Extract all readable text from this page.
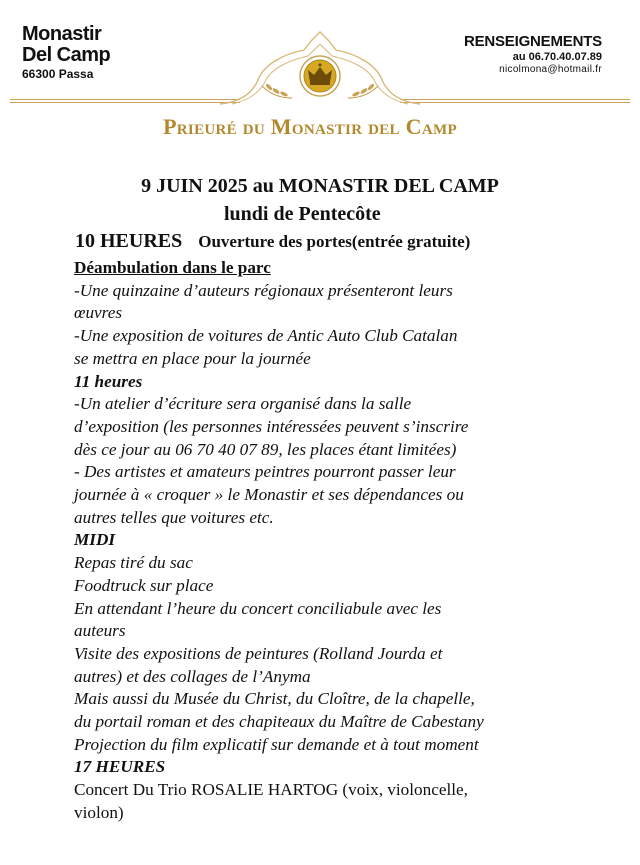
Monastir
Del Camp
66300 Passa
RENSEIGNEMENTS
au 06.70.40.07.89
nicolmona@hotmail.fr
Prieuré du Monastir del Camp
9 JUIN 2025 au MONASTIR DEL CAMP
lundi de Pentecôte
10 HEURES Ouverture des portes(entrée gratuite)
Déambulation dans le parc
-Une quinzaine d’auteurs régionaux présenteront leurs
œuvres
-Une exposition de voitures de Antic Auto Club Catalan
se mettra en place pour la journée
11 heures
-Un atelier d’écriture sera organisé dans la salle
d’exposition (les personnes intéressées peuvent s’inscrire
dès ce jour au 06 70 40 07 89, les places étant limitées)
- Des artistes et amateurs peintres pourront passer leur
journée à « croquer » le Monastir et ses dépendances ou
autres telles que voitures etc.
MIDI
Repas tiré du sac
Foodtruck sur place
En attendant l’heure du concert conciliabule avec les
auteurs
Visite des expositions de peintures (Rolland Jourda et
autres) et des collages de l’Anyma
Mais aussi du Musée du Christ, du Cloître, de la chapelle,
du portail roman et des chapiteaux du Maître de Cabestany
Projection du film explicatif sur demande et à tout moment
17 HEURES
Concert Du Trio ROSALIE HARTOG (voix, violoncelle,
violon)
